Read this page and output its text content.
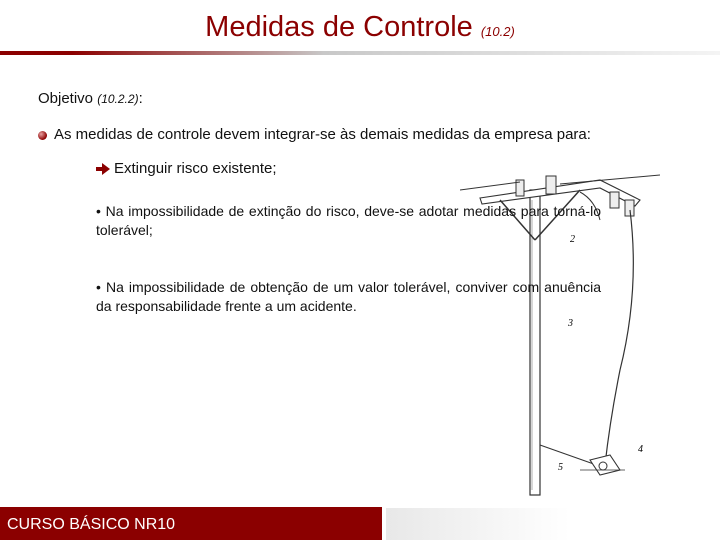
Medidas de Controle (10.2)
2
3
4
5
Objetivo (10.2.2):
As medidas de controle devem integrar-se às demais medidas da empresa para:
Extinguir risco existente;
• Na impossibilidade de extinção do risco, deve-se adotar medidas para torná-lo tolerável;
• Na impossibilidade de obtenção de um valor tolerável, conviver com anuência da responsabilidade frente a um acidente.
CURSO BÁSICO NR10
